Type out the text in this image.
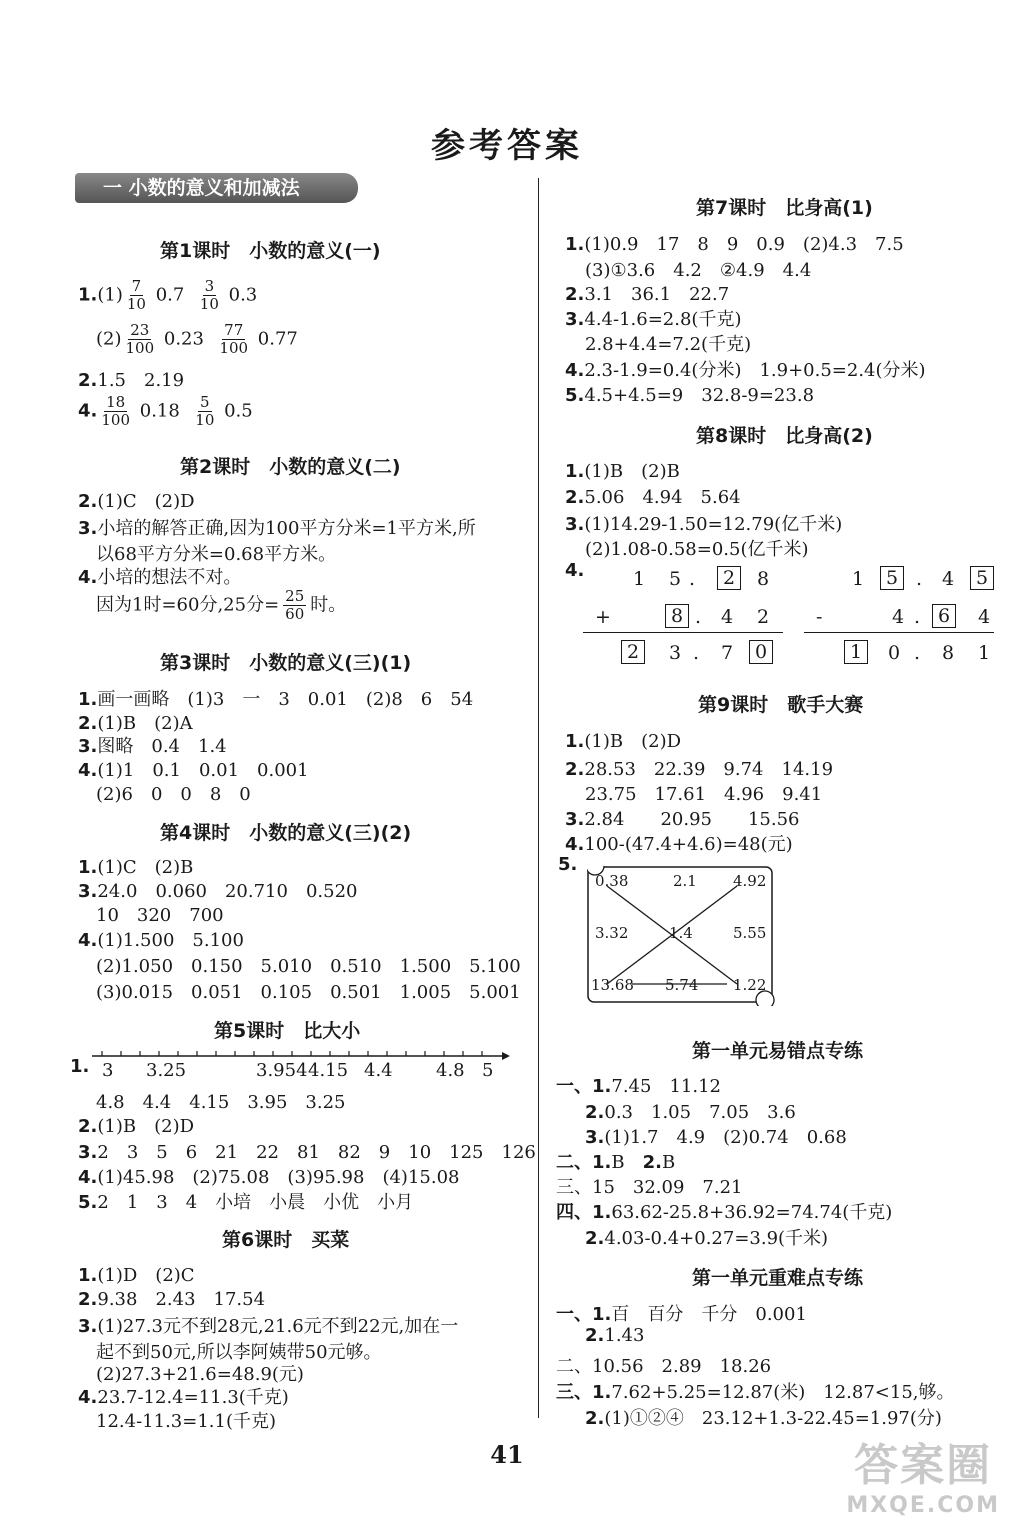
参考答案
一 小数的意义和加减法
第1课时　小数的意义(一)
$1.(1) \frac{7}{10} 0.7 \frac{3}{10} 0.3$
$(2) \frac{23}{100} 0.23 \frac{77}{100} 0.77$
2.1.5　2.19
4. $\frac{18}{100} 0.18 \frac{5}{10} 0.5$
第2课时　小数的意义(二)
2.(1)C　(2)D
3.小培的解答正确,因为100平方分米=1平方米,所
以68平方分米=0.68平方米。
4.小培的想法不对。
因为1时=60分,25分= $\frac{25}{60}$ 时。
第3课时　小数的意义(三)(1)
1.画一画略　(1)3　一　3　0.01　(2)8　6　54
2.(1)B　(2)A
3.图略　0.4　1.4
4.(1)1　0.1　0.01　0.001
(2)6　0　0　8　0
第4课时　小数的意义(三)(2)
1.(1)C　(2)B
3.24.0　0.060　20.710　0.520
10　320　700
4.(1)1.500　5.100
(2)1.050　0.150　5.010　0.510　1.500　5.100
(3)0.015　0.051　0.105　0.501　1.005　5.001
第5课时　比大小
1. 3 3.25	3.954 4.15 4.4 4.8 5
4.8　4.4　4.15　3.95　3.25
2.(1)B　(2)D
3.2　3　5　6　21　22　81　82　9　10　125　126
4.(1)45.98　(2)75.08　(3)95.98　(4)15.08
5.2　1　3　4　小培　小晨　小优　小月
第6课时　买菜
1.(1)D　(2)C
2.9.38　2.43　17.54
3.(1)27.3元不到28元,21.6元不到22元,加在一
起不到50元,所以李阿姨带50元够。
(2)27.3+21.6=48.9(元)
4.23.7-12.4=11.3(千克)
12.4-11.3=1.1(千克)
第7课时　比身高(1)
1.(1)0.9　17　8　9　0.9　(2)4.3　7.5
(3)①3.6　4.2　②4.9　4.4
2.3.1　36.1　22.7
3.4.4-1.6=2.8(千克)
2.8+4.4=7.2(千克)
4.2.3-1.9=0.4(分米)　1.9+0.5=2.4(分米)
5.4.5+4.5=9　32.8-9=23.8
第8课时　比身高(2)
1.(1)B　(2)B
2.5.06　4.94　5.64
3.(1)14.29-1.50=12.79(亿千米)
(2)1.08-0.58=0.5(亿千米)
4.	1 5 .	2	8
+	8 . 4 2
2	3 . 7	0
1	5 . 4	5
-	4 . 6	4
1	0 . 8 1
第9课时　歌手大赛
1.(1)B　(2)D
2.28.53　22.39　9.74　14.19
23.75　17.61　4.96　9.41
3.2.84　　20.95　　15.56
4.100-(47.4+4.6)=48(元)
5.
0.38	2.1 4.92
3.32	1.4	5.55
13.68 5.74 1.22
第一单元易错点专练
一、1.7.45　11.12
2.0.3　1.05　7.05　3.6
3.(1)1.7　4.9　(2)0.74　0.68
二、1.B　2.B
三、15　32.09　7.21
四、1.63.62-25.8+36.92=74.74(千克)
2.4.03-0.4+0.27=3.9(千米)
第一单元重难点专练
一、1.百　百分　千分　0.001
2.1.43
二、10.56　2.89　18.26
三、1.7.62+5.25=12.87(米)　12.87<15,够。
2.(1)①②④　23.12+1.3-22.45=1.97(分)
41	答案圈
MXQE.COM
